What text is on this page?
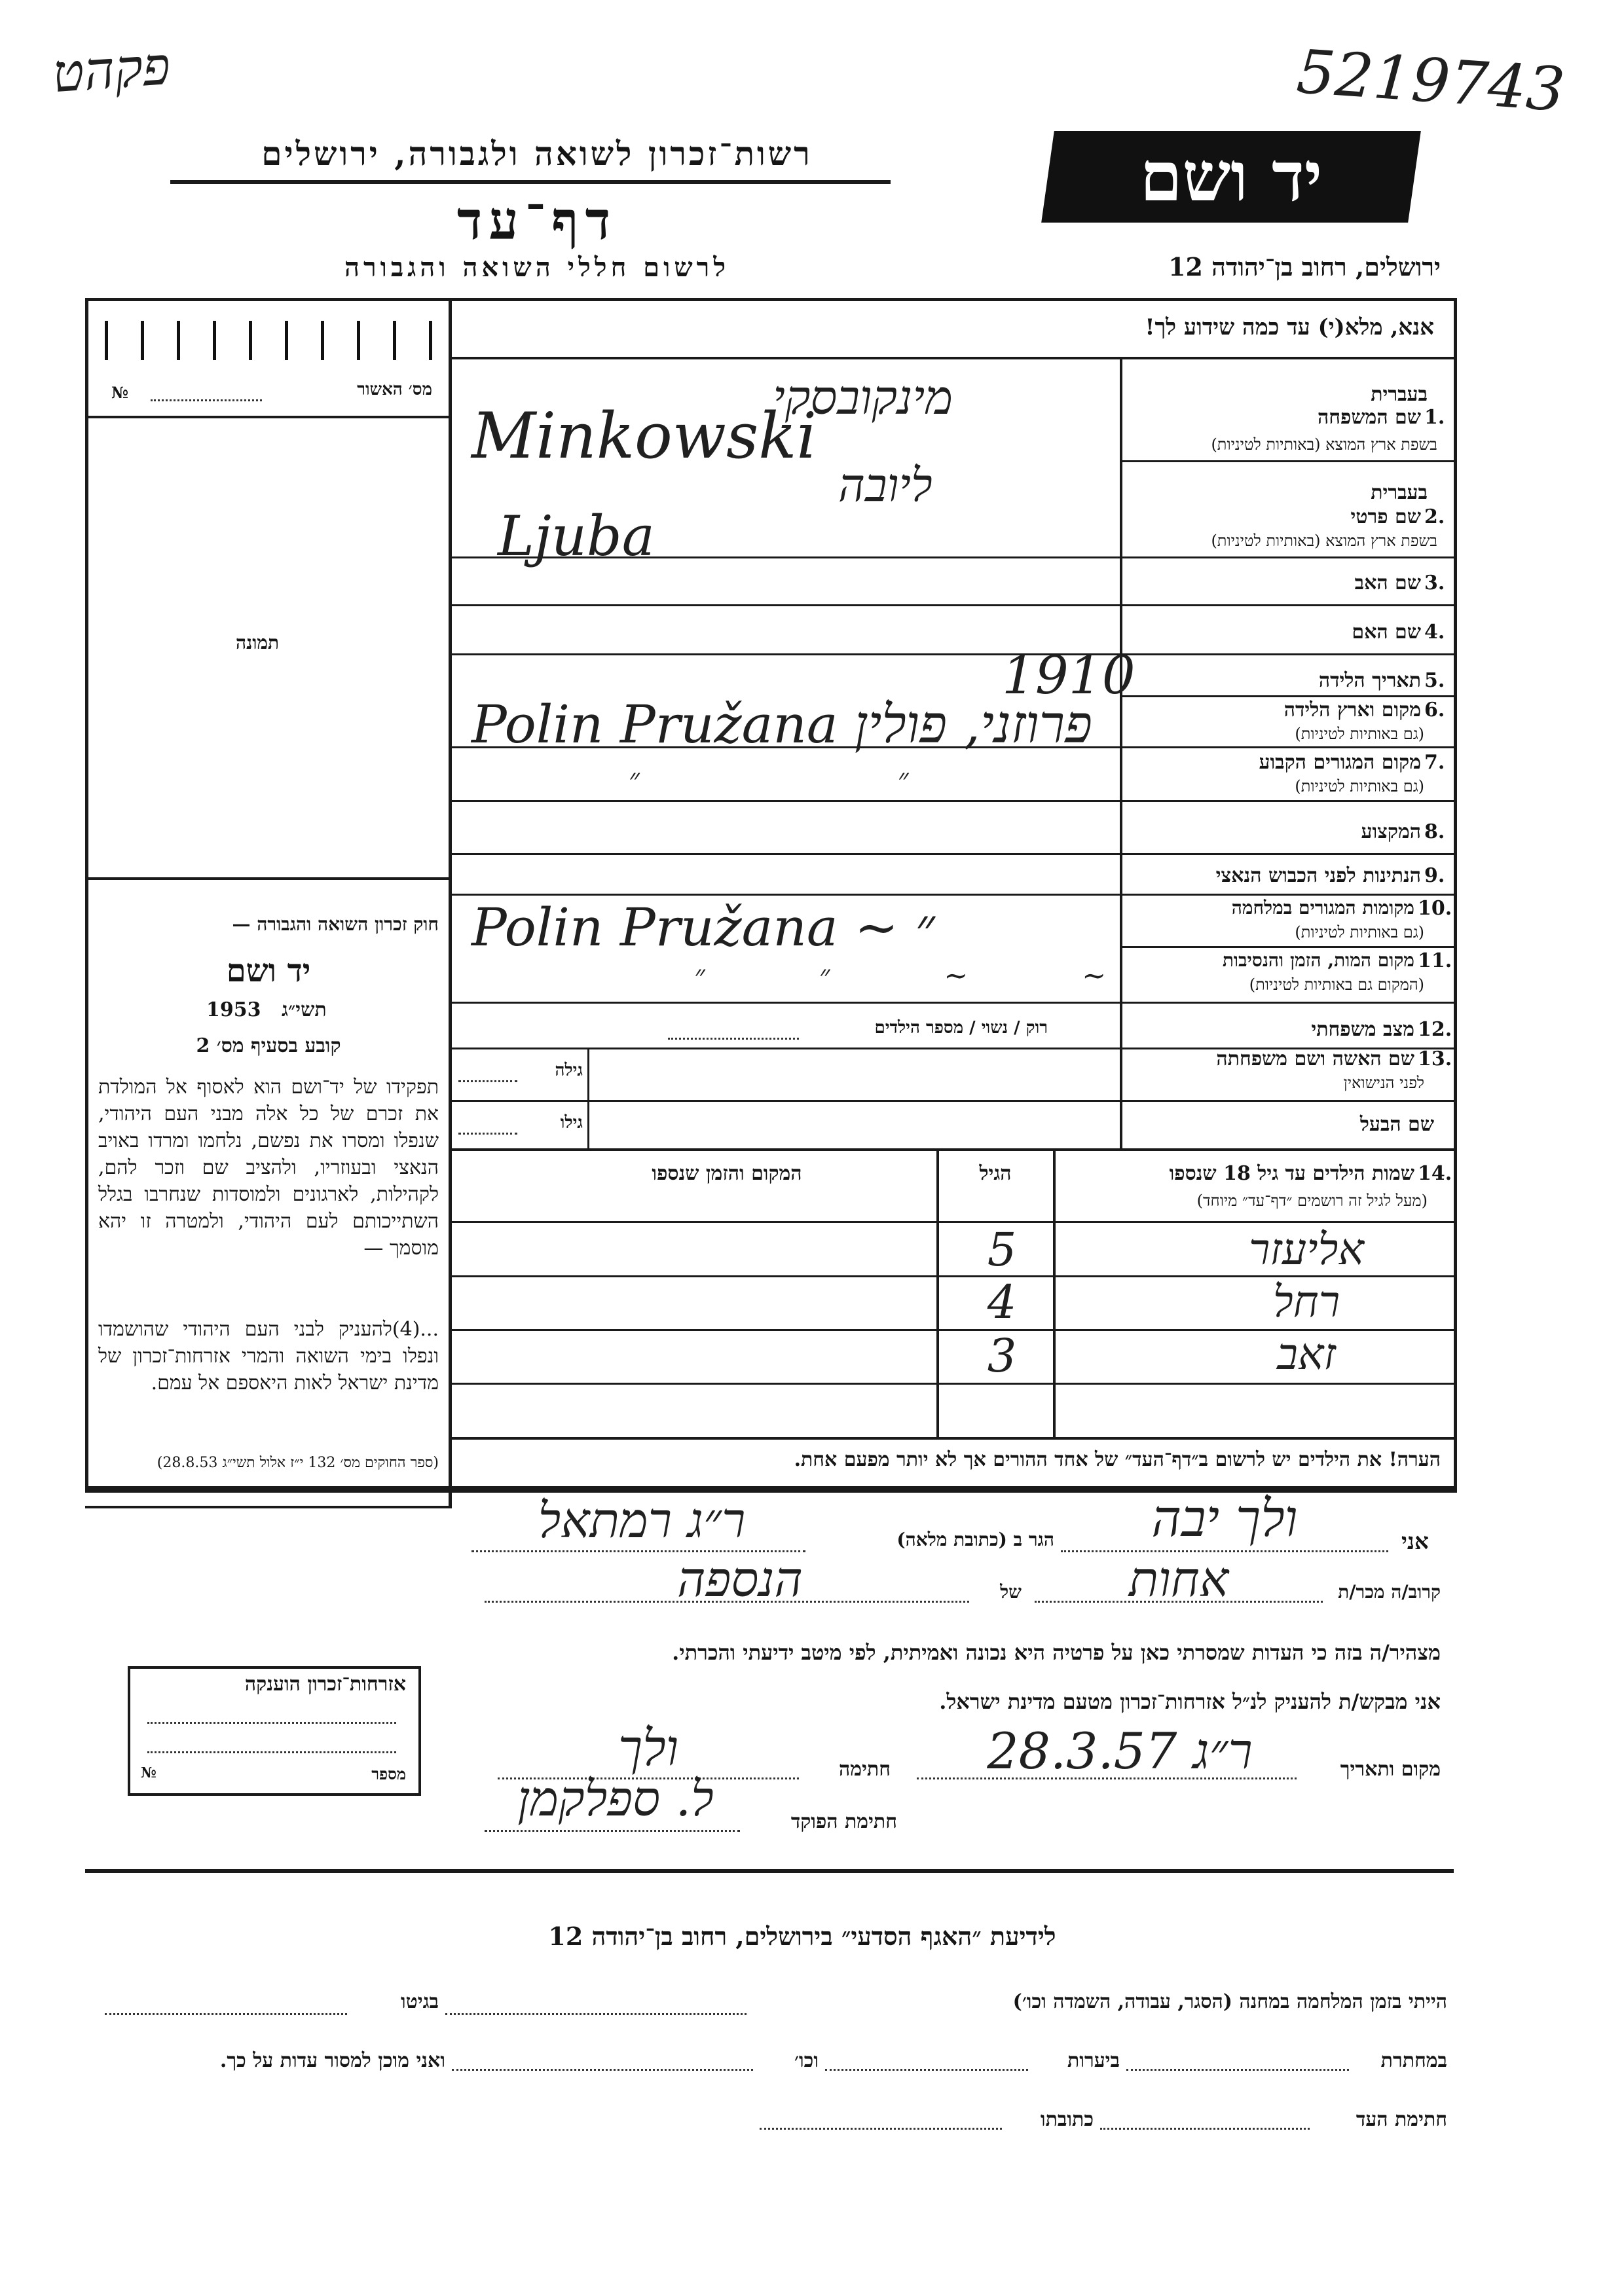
פקהט	5219743
יד ושם
ירושלים, רחוב בן־יהודה 12
רשות־זכרון לשואה ולגבורה, ירושלים
דף־עד
לרשום חללי השואה והגבורה
אנא, מלא(י) עד כמה שידוע לך!
מס׳ האשור
№
תמונה
חוק זכרון השואה והגבורה —
יד ושם
1953 תשי״ג
קובע בסעיף מס׳ 2
תפקידו של יד־ושם הוא לאסוף אל המולדת את זכרם של כל אלה מבני העם היהודי, שנפלו ומסרו את נפשם, נלחמו ומרדו באויב הנאצי ובעוזריו, ולהציב שם וזכר להם, לקהילות, לארגונים ולמוסדות שנחרבו בגלל השתייכותם לעם היהודי, ולמטרה זו יהא מוסמך —
...(4)להעניק לבני העם היהודי שהושמדו ונפלו בימי השואה והמרי אזרחות־זכרון של מדינת ישראל לאות היאספם אל עמם.
(ספר החוקים מס׳ 132 י״ז אלול תשי״ג 28.8.53)
בעברית
1.
שם המשפחה
בשפת ארץ המוצא (באותיות לטיניות)
בעברית
2.
שם פרטי
בשפת ארץ המוצא (באותיות לטיניות)
3.
שם האב
4.
שם האם
5.
תאריך הלידה
6.
מקום וארץ הלידה
(גם באותיות לטיניות)
7.
מקום המגורים הקבוע
(גם באותיות לטיניות)
8.
המקצוע
9.
הנתינות לפני הכבוש הנאצי
10.
מקומות המגורים במלחמה
(גם באותיות לטיניות)
11.
מקום המות, הזמן והנסיבות
(המקום גם באותיות לטיניות)
12.
מצב משפחתי
רוק / נשוי / מספר הילדים
13.
שם האשה ושם משפחתה
לפני הנישואין
גילה
שם הבעל
גילו
מינקובסקי
Minkowski
ליובה
Ljuba
1910
Polin Pružana פרוזני, פולין
״ ״
Polin Pružana ~ ״
״ ״ ~ ~
14.
שמות הילדים עד גיל 18 שנספו
(מעל לגיל זה רושמים ״דף־עד״ מיוחד)
הגיל
המקום והזמן שנספו
אליעזר
5
רחל
4
זאב
3
הערה! את הילדים יש לרשום ב״דף־העד״ של אחד ההורים אך לא יותר מפעם אחת.
אני
ולך יבה
הגר ב (כתובת מלאה)
ר״ג רמתאל
קרוב/ה מכר/ת
אחות
של
הנספה
מצהיר/ה בזה כי העדות שמסרתי כאן על פרטיה היא נכונה ואמיתית, לפי מיטב ידיעתי והכרתי.
אני מבקש/ת להעניק לנ״ל אזרחות־זכרון מטעם מדינת ישראל.
מקום ותאריך
ר״ג 28.3.57
חתימה
ולך
חתימת הפוקד
ל. ספלקמן
אזרחות־זכרון הוענקה
מספר
№
לידיעת ״האגף הסדעי״ בירושלים, רחוב בן־יהודה 12
הייתי בזמן המלחמה במחנה (הסגר, עבודה, השמדה וכו׳)
בגיטו
במחתרת
ביערות
וכו׳
ואני מוכן למסור עדות על כך.
חתימת העד
כתובתו
